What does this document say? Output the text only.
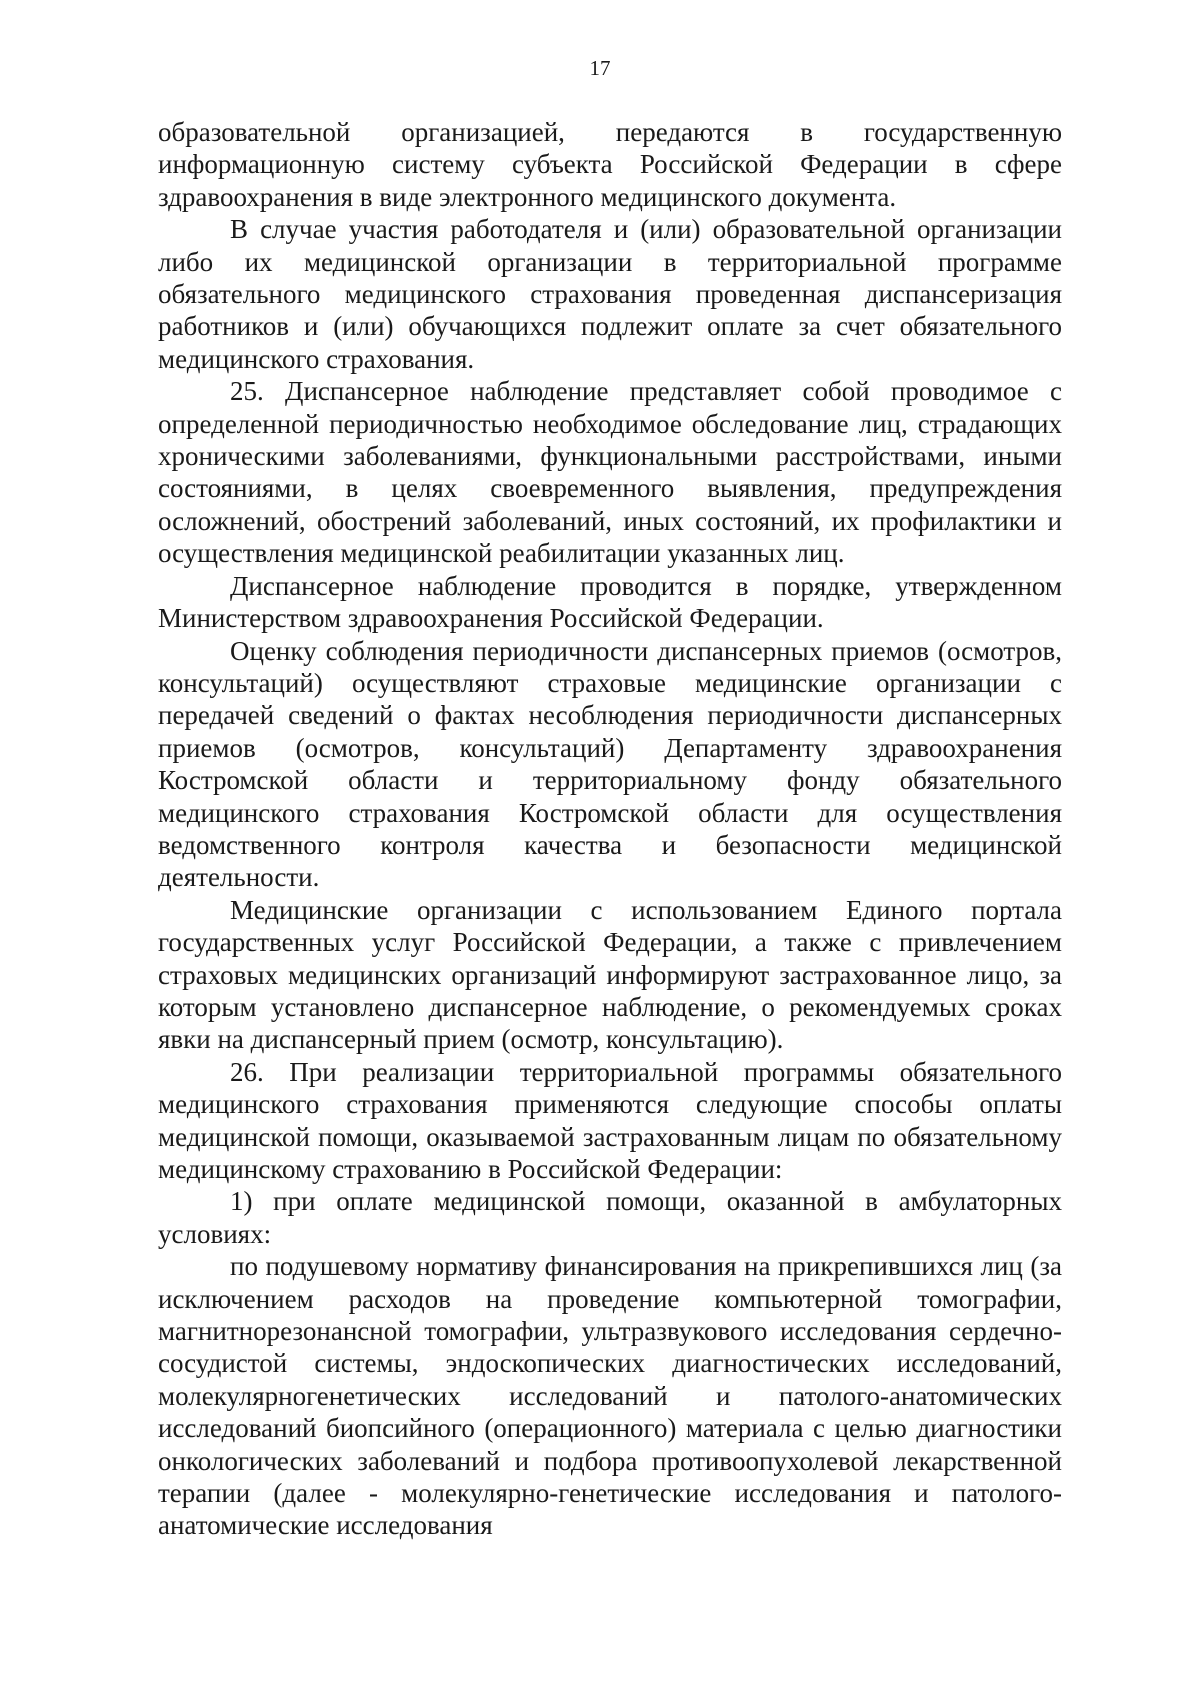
17

образовательной организацией, передаются в государственную информационную систему субъекта Российской Федерации в сфере здравоохранения в виде электронного медицинского документа.

В случае участия работодателя и (или) образовательной организации либо их медицинской организации в территориальной программе обязательного медицинского страхования проведенная диспансеризация работников и (или) обучающихся подлежит оплате за счет обязательного медицинского страхования.

25. Диспансерное наблюдение представляет собой проводимое с определенной периодичностью необходимое обследование лиц, страдающих хроническими заболеваниями, функциональными расстройствами, иными состояниями, в целях своевременного выявления, предупреждения осложнений, обострений заболеваний, иных состояний, их профилактики и осуществления медицинской реабилитации указанных лиц.

Диспансерное наблюдение проводится в порядке, утвержденном Министерством здравоохранения Российской Федерации.

Оценку соблюдения периодичности диспансерных приемов (осмотров, консультаций) осуществляют страховые медицинские организации с передачей сведений о фактах несоблюдения периодичности диспансерных приемов (осмотров, консультаций) Департаменту здравоохранения Костромской области и территориальному фонду обязательного медицинского страхования Костромской области для осуществления ведомственного контроля качества и безопасности медицинской деятельности.

Медицинские организации с использованием Единого портала государственных услуг Российской Федерации, а также с привлечением страховых медицинских организаций информируют застрахованное лицо, за которым установлено диспансерное наблюдение, о рекомендуемых сроках явки на диспансерный прием (осмотр, консультацию).

26. При реализации территориальной программы обязательного медицинского страхования применяются следующие способы оплаты медицинской помощи, оказываемой застрахованным лицам по обязательному медицинскому страхованию в Российской Федерации:

1) при оплате медицинской помощи, оказанной в амбулаторных условиях:

по подушевому нормативу финансирования на прикрепившихся лиц (за исключением расходов на проведение компьютерной томографии, магнитнорезонансной томографии, ультразвукового исследования сердечно-сосудистой системы, эндоскопических диагностических исследований, молекулярногенетических исследований и патолого-анатомических исследований биопсийного (операционного) материала с целью диагностики онкологических заболеваний и подбора противоопухолевой лекарственной терапии (далее - молекулярно-генетические исследования и патолого-анатомические исследования
